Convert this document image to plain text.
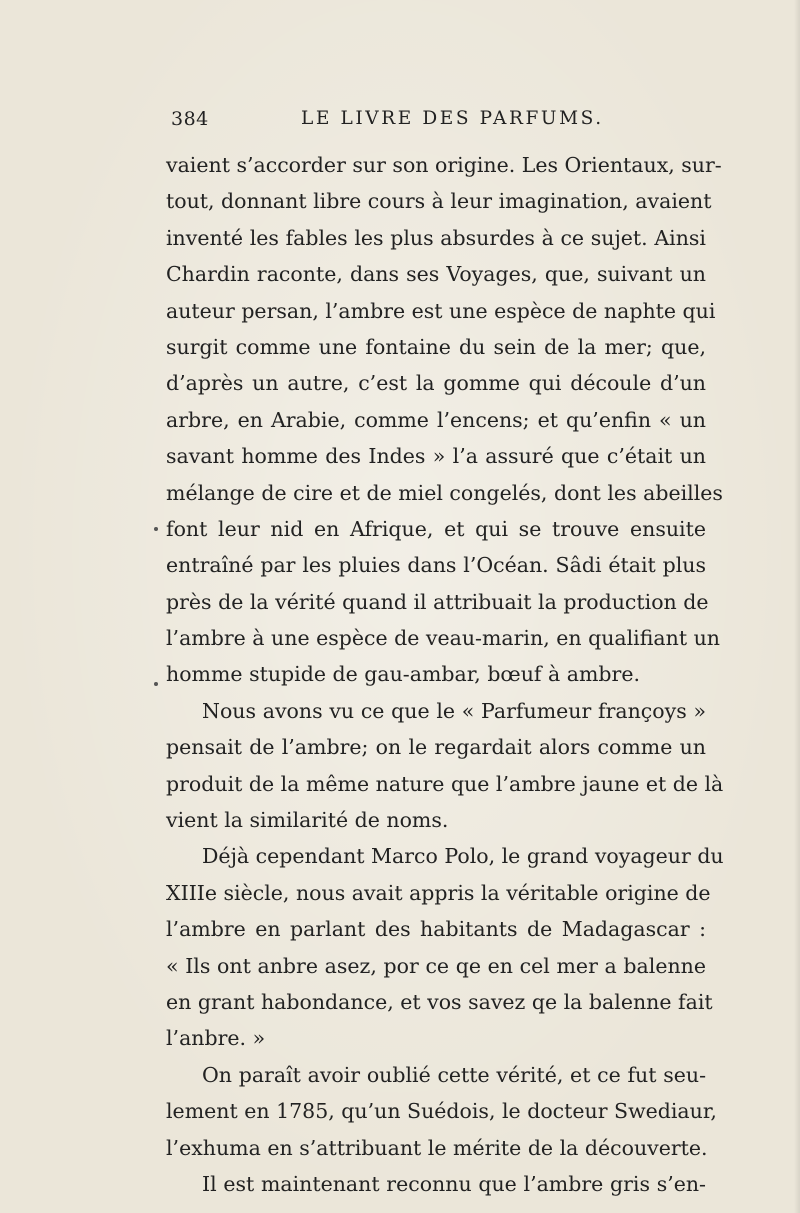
384	LE LIVRE DES PARFUMS.
vaient s’accorder sur son origine. Les Orientaux, sur-
tout, donnant libre cours à leur imagination, avaient
inventé les fables les plus absurdes à ce sujet. Ainsi
Chardin raconte, dans ses Voyages, que, suivant un
auteur persan, l’ambre est une espèce de naphte qui
surgit comme une fontaine du sein de la mer; que,
d’après un autre, c’est la gomme qui découle d’un
arbre, en Arabie, comme l’encens; et qu’enfin « un
savant homme des Indes » l’a assuré que c’était un
mélange de cire et de miel congelés, dont les abeilles
font leur nid en Afrique, et qui se trouve ensuite
entraîné par les pluies dans l’Océan. Sâdi était plus
près de la vérité quand il attribuait la production de
l’ambre à une espèce de veau-marin, en qualifiant un
homme stupide de gau-ambar, bœuf à ambre.
Nous avons vu ce que le « Parfumeur françoys »
pensait de l’ambre; on le regardait alors comme un
produit de la même nature que l’ambre jaune et de là
vient la similarité de noms.
Déjà cependant Marco Polo, le grand voyageur du
XIIIe siècle, nous avait appris la véritable origine de
l’ambre en parlant des habitants de Madagascar :
« Ils ont anbre asez, por ce qe en cel mer a balenne
en grant habondance, et vos savez qe la balenne fait
l’anbre. »
On paraît avoir oublié cette vérité, et ce fut seu-
lement en 1785, qu’un Suédois, le docteur Swediaur,
l’exhuma en s’attribuant le mérite de la découverte.
Il est maintenant reconnu que l’ambre gris s’en-
